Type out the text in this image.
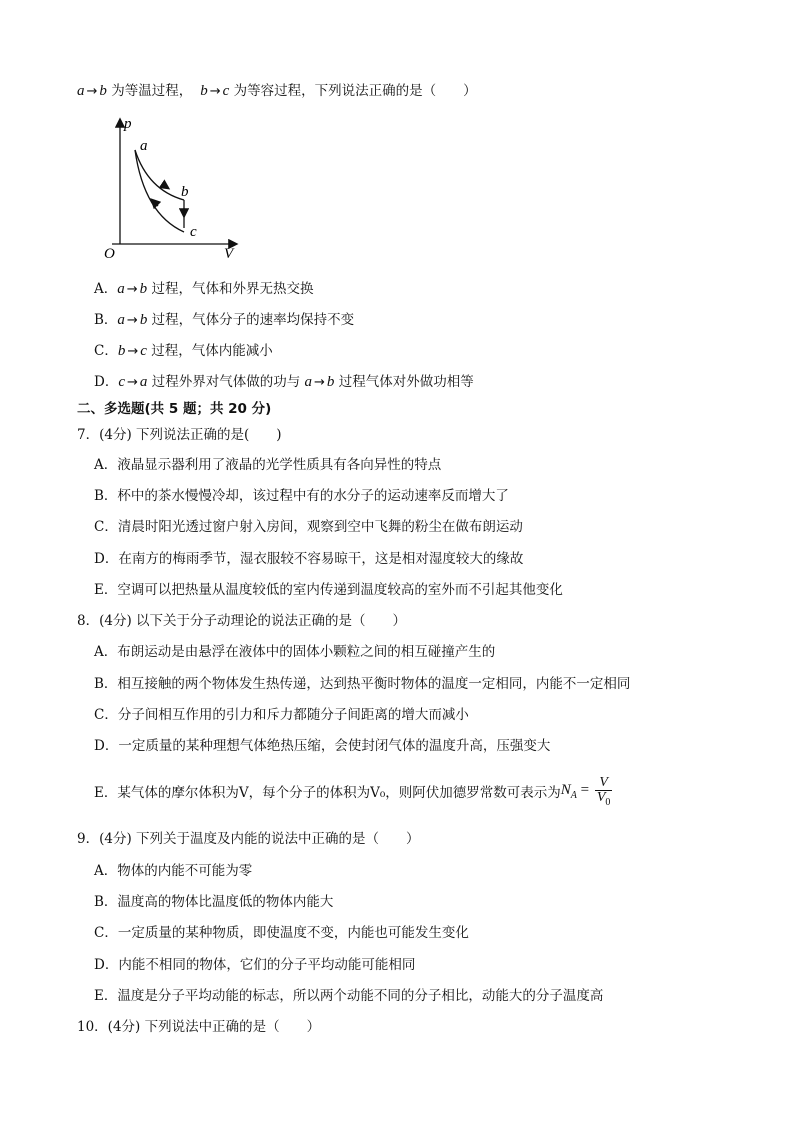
a → b 为等温过程， b → c 为等容过程，下列说法正确的是（　　）
p
V
O
a
b
c
A．a → b 过程，气体和外界无热交换
B．a → b 过程，气体分子的速率均保持不变
C．b → c 过程，气体内能减小
D．c → a 过程外界对气体做的功与 a → b 过程气体对外做功相等
二、多选题(共 5 题；共 20 分)
7．(4分) 下列说法正确的是(　　)
A．液晶显示器利用了液晶的光学性质具有各向异性的特点
B．杯中的茶水慢慢冷却，该过程中有的水分子的运动速率反而增大了
C．清晨时阳光透过窗户射入房间，观察到空中飞舞的粉尘在做布朗运动
D．在南方的梅雨季节，湿衣服较不容易晾干，这是相对湿度较大的缘故
E．空调可以把热量从温度较低的室内传递到温度较高的室外而不引起其他变化
8．(4分) 以下关于分子动理论的说法正确的是（　　）
A．布朗运动是由悬浮在液体中的固体小颗粒之间的相互碰撞产生的
B．相互接触的两个物体发生热传递，达到热平衡时物体的温度一定相同，内能不一定相同
C．分子间相互作用的引力和斥力都随分子间距离的增大而减小
D．一定质量的某种理想气体绝热压缩，会使封闭气体的温度升高，压强变大
E．某气体的摩尔体积为V，每个分子的体积为V₀，则阿伏加德罗常数可表示为$N_A = \frac{V}{V_0}$
9．(4分) 下列关于温度及内能的说法中正确的是（　　）
A．物体的内能不可能为零
B．温度高的物体比温度低的物体内能大
C．一定质量的某种物质，即使温度不变，内能也可能发生变化
D．内能不相同的物体，它们的分子平均动能可能相同
E．温度是分子平均动能的标志，所以两个动能不同的分子相比，动能大的分子温度高
10．(4分) 下列说法中正确的是（　　）
